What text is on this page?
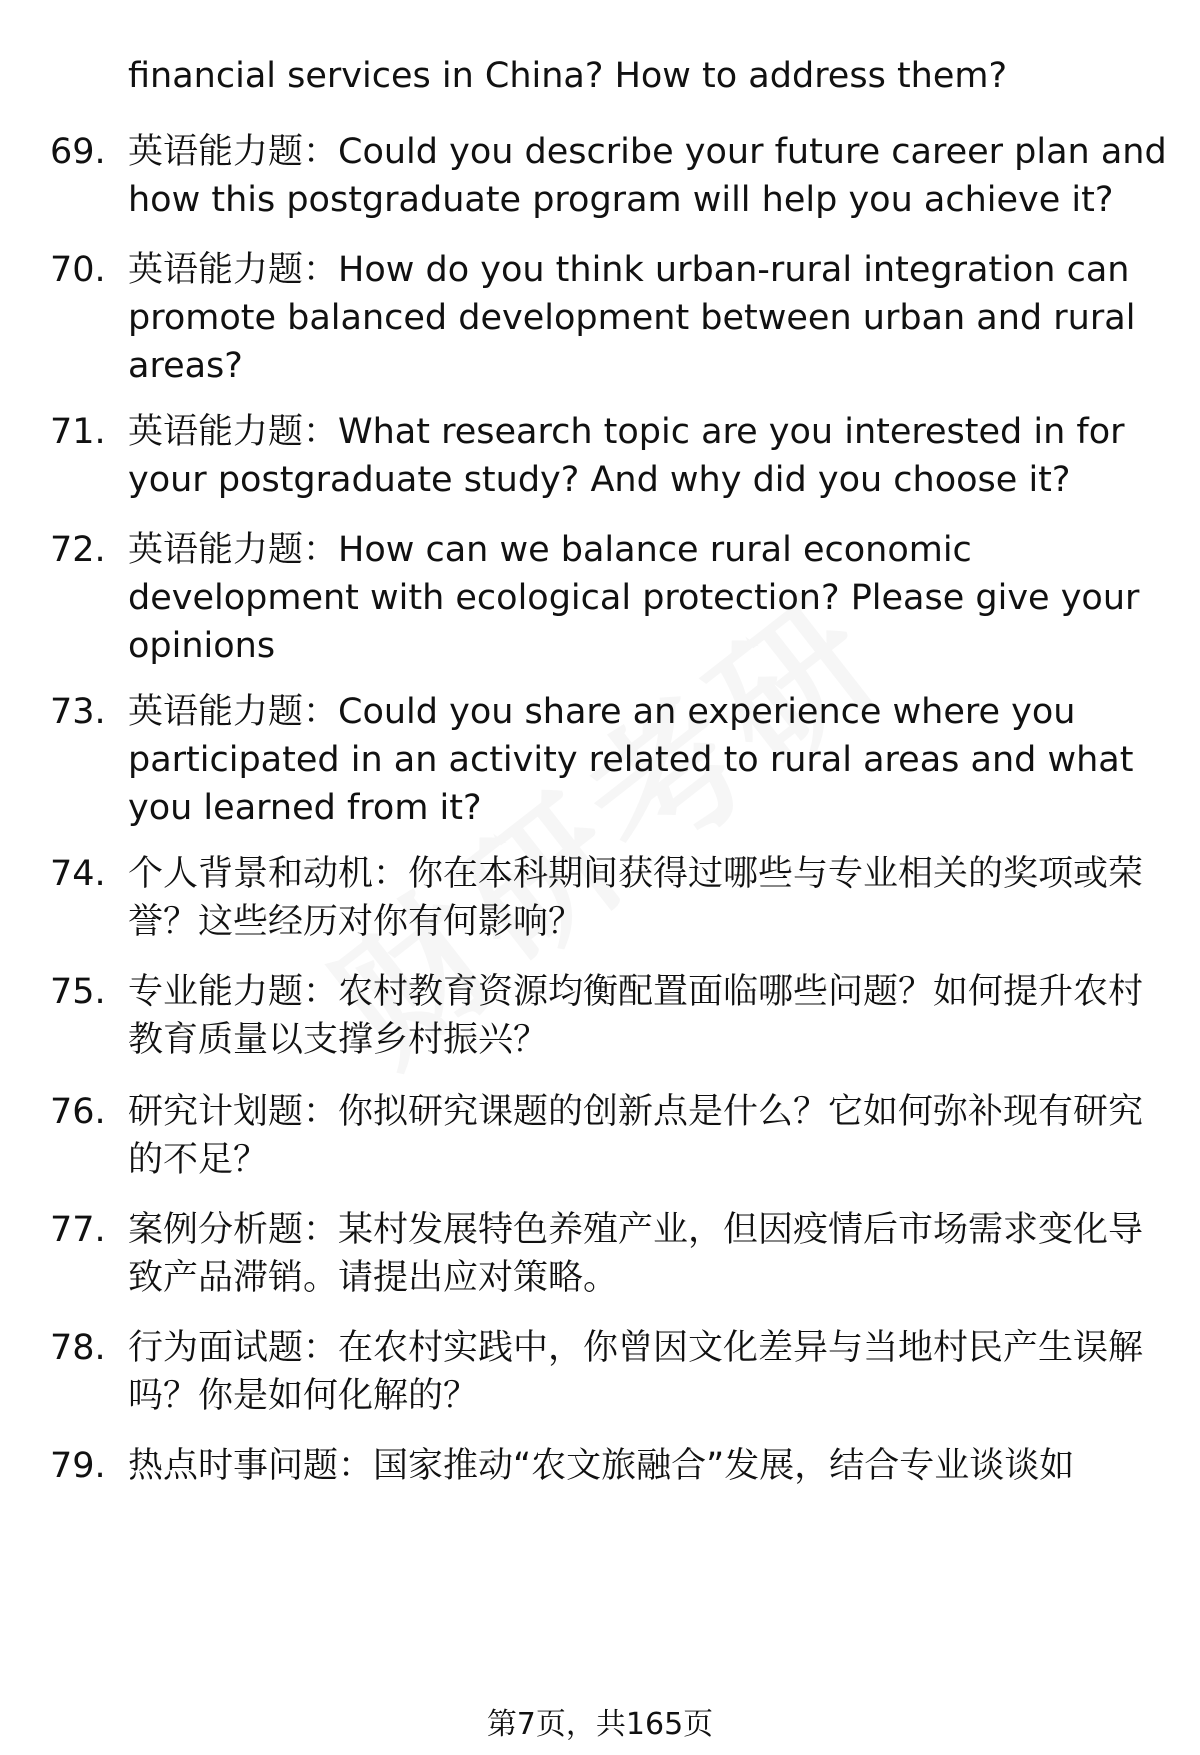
financial services in China? How to address them?
69. 英语能力题：Could you describe your future career plan and how this postgraduate program will help you achieve it?
70. 英语能力题：How do you think urban-rural integration can promote balanced development between urban and rural areas?
71. 英语能力题：What research topic are you interested in for your postgraduate study? And why did you choose it?
72. 英语能力题：How can we balance rural economic development with ecological protection? Please give your opinions
73. 英语能力题：Could you share an experience where you participated in an activity related to rural areas and what you learned from it?
74. 个人背景和动机：你在本科期间获得过哪些与专业相关的奖项或荣誉？这些经历对你有何影响？
75. 专业能力题：农村教育资源均衡配置面临哪些问题？如何提升农村教育质量以支撑乡村振兴？
76. 研究计划题：你拟研究课题的创新点是什么？它如何弥补现有研究的不足？
77. 案例分析题：某村发展特色养殖产业，但因疫情后市场需求变化导致产品滞销。请提出应对策略。
78. 行为面试题：在农村实践中，你曾因文化差异与当地村民产生误解吗？你是如何化解的？
79. 热点时事问题：国家推动“农文旅融合”发展，结合专业谈谈如
第7页，共165页
